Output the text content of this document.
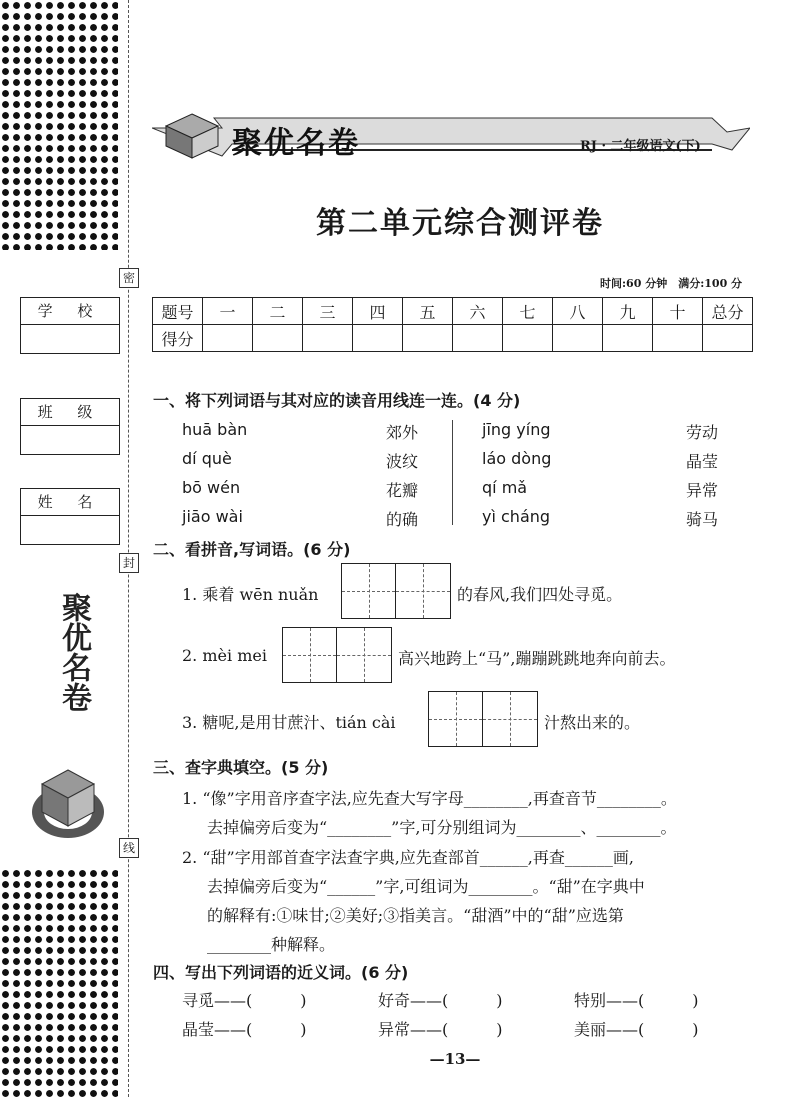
密
封
线
学 校
班 级
姓 名
聚优名卷
聚优名卷	RJ · 二年级语文(下)
第二单元综合测评卷
时间:60 分钟　满分:100 分
题号	一	二	三	四	五	六	七	八	九	十	总分
得分											
一、将下列词语与其对应的读音用线连一连。(4 分)
huā bàn
dí què
bō wén
jiāo wài
郊外
波纹
花瓣
的确
jīng yíng
láo dòng
qí mǎ
yì cháng
劳动
晶莹
异常
骑马
二、看拼音,写词语。(6 分)
1. 乘着 wēn nuǎn	的春风,我们四处寻觅。
2. mèi mei	高兴地跨上“马”,蹦蹦跳跳地奔向前去。
3. 糖呢,是用甘蔗汁、tián cài	汁熬出来的。
三、查字典填空。(5 分)
1. “像”字用音序查字法,应先查大写字母________,再查音节________。
去掉偏旁后变为“________”字,可分别组词为________、________。
2. “甜”字用部首查字法查字典,应先查部首______,再查______画,
去掉偏旁后变为“______”字,可组词为________。“甜”在字典中
的解释有:①味甘;②美好;③指美言。“甜酒”中的“甜”应选第
________种解释。
四、写出下列词语的近义词。(6 分)
寻觅——(　　　)	好奇——(　　　)	特别——(　　　)
晶莹——(　　　)	异常——(　　　)	美丽——(　　　)
—13—
